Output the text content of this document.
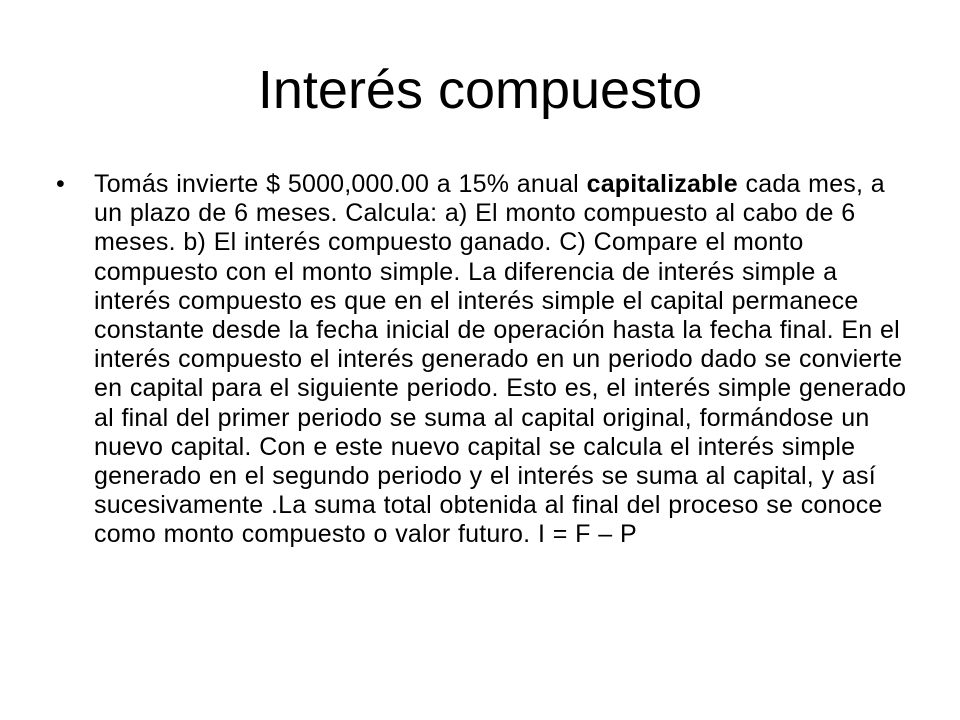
Interés compuesto
• Tomás invierte $ 5000,000.00 a 15% anual capitalizable cada mes, a un plazo de 6 meses. Calcula: a) El monto compuesto al cabo de 6 meses. b) El interés compuesto ganado. C) Compare el monto compuesto con el monto simple. La diferencia de interés simple a interés compuesto es que en el interés simple el capital permanece constante desde la fecha inicial de operación hasta la fecha final. En el interés compuesto el interés generado en un periodo dado se convierte en capital para el siguiente periodo. Esto es, el interés simple generado al final del primer periodo se suma al capital original, formándose un nuevo capital. Con e este nuevo capital se calcula el interés simple generado en el segundo periodo y el interés se suma al capital, y así sucesivamente .La suma total obtenida al final del proceso se conoce como monto compuesto o valor futuro. I = F – P
